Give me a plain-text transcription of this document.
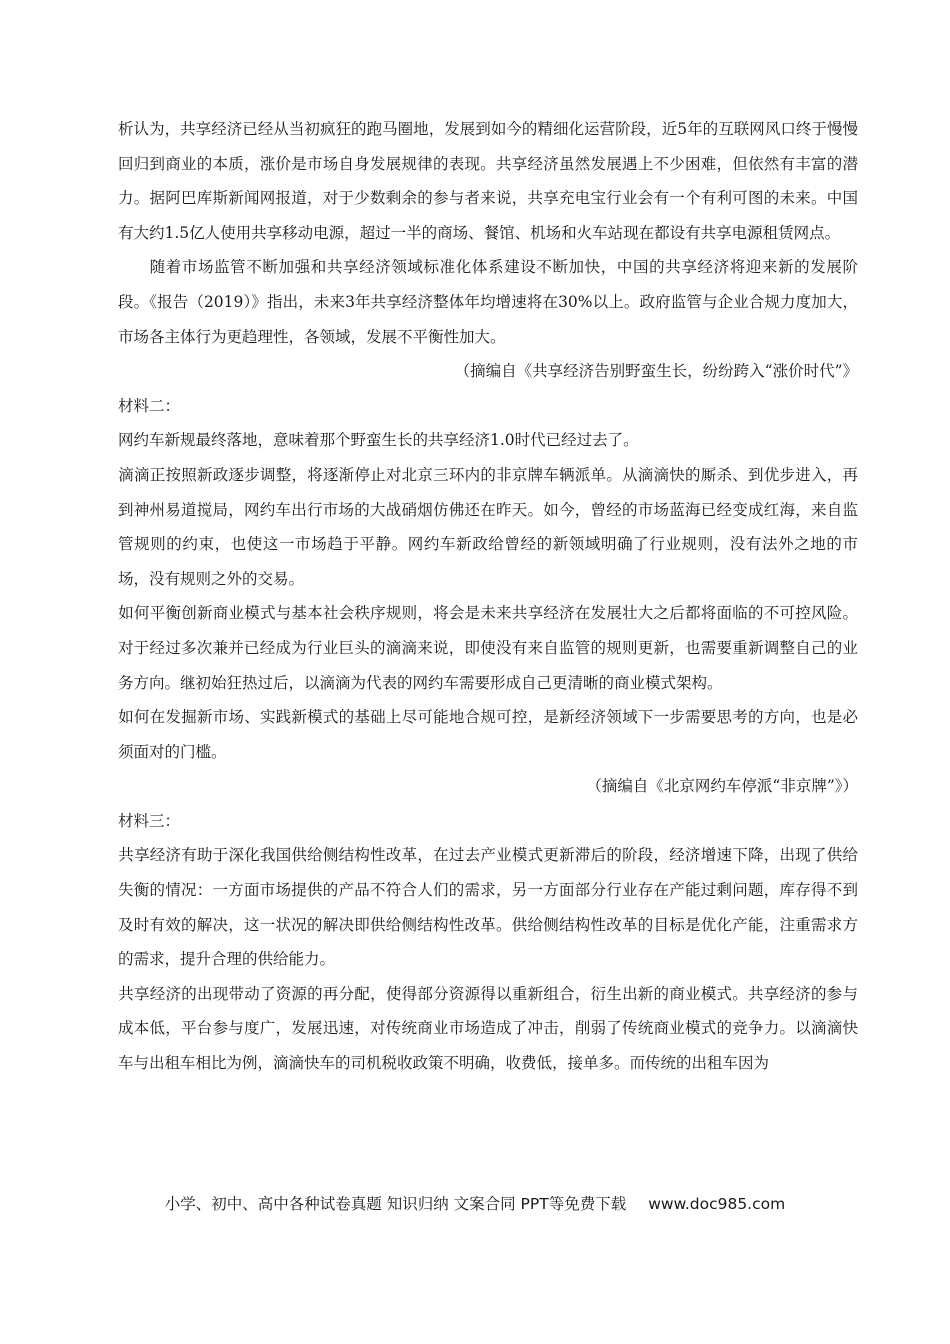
析认为，共享经济已经从当初疯狂的跑马圈地，发展到如今的精细化运营阶段，近5年的互联网风口终于慢慢回归到商业的本质，涨价是市场自身发展规律的表现。共享经济虽然发展遇上不少困难，但依然有丰富的潜力。据阿巴库斯新闻网报道，对于少数剩余的参与者来说，共享充电宝行业会有一个有利可图的未来。中国有大约1.5亿人使用共享移动电源，超过一半的商场、餐馆、机场和火车站现在都设有共享电源租赁网点。

随着市场监管不断加强和共享经济领域标准化体系建设不断加快，中国的共享经济将迎来新的发展阶段。《报告（2019）》指出，未来3年共享经济整体年均增速将在30%以上。政府监管与企业合规力度加大，市场各主体行为更趋理性，各领域，发展不平衡性加大。

（摘编自《共享经济告别野蛮生长，纷纷跨入“涨价时代”》

材料二：

网约车新规最终落地，意味着那个野蛮生长的共享经济1.0时代已经过去了。

滴滴正按照新政逐步调整，将逐渐停止对北京三环内的非京牌车辆派单。从滴滴快的厮杀、到优步进入，再到神州易道搅局，网约车出行市场的大战硝烟仿佛还在昨天。如今，曾经的市场蓝海已经变成红海，来自监管规则的约束，也使这一市场趋于平静。网约车新政给曾经的新领域明确了行业规则，没有法外之地的市场，没有规则之外的交易。

如何平衡创新商业模式与基本社会秩序规则，将会是未来共享经济在发展壮大之后都将面临的不可控风险。对于经过多次兼并已经成为行业巨头的滴滴来说，即使没有来自监管的规则更新，也需要重新调整自己的业务方向。继初始狂热过后，以滴滴为代表的网约车需要形成自己更清晰的商业模式架构。

如何在发掘新市场、实践新模式的基础上尽可能地合规可控，是新经济领域下一步需要思考的方向，也是必须面对的门槛。

（摘编自《北京网约车停派“非京牌”》）

材料三：

共享经济有助于深化我国供给侧结构性改革，在过去产业模式更新滞后的阶段，经济增速下降，出现了供给失衡的情况：一方面市场提供的产品不符合人们的需求，另一方面部分行业存在产能过剩问题，库存得不到及时有效的解决，这一状况的解决即供给侧结构性改革。供给侧结构性改革的目标是优化产能，注重需求方的需求，提升合理的供给能力。

共享经济的出现带动了资源的再分配，使得部分资源得以重新组合，衍生出新的商业模式。共享经济的参与成本低，平台参与度广，发展迅速，对传统商业市场造成了冲击，削弱了传统商业模式的竞争力。以滴滴快车与出租车相比为例，滴滴快车的司机税收政策不明确，收费低，接单多。而传统的出租车因为

小学、初中、高中各种试卷真题 知识归纳 文案合同 PPT等免费下载 www.doc985.com
